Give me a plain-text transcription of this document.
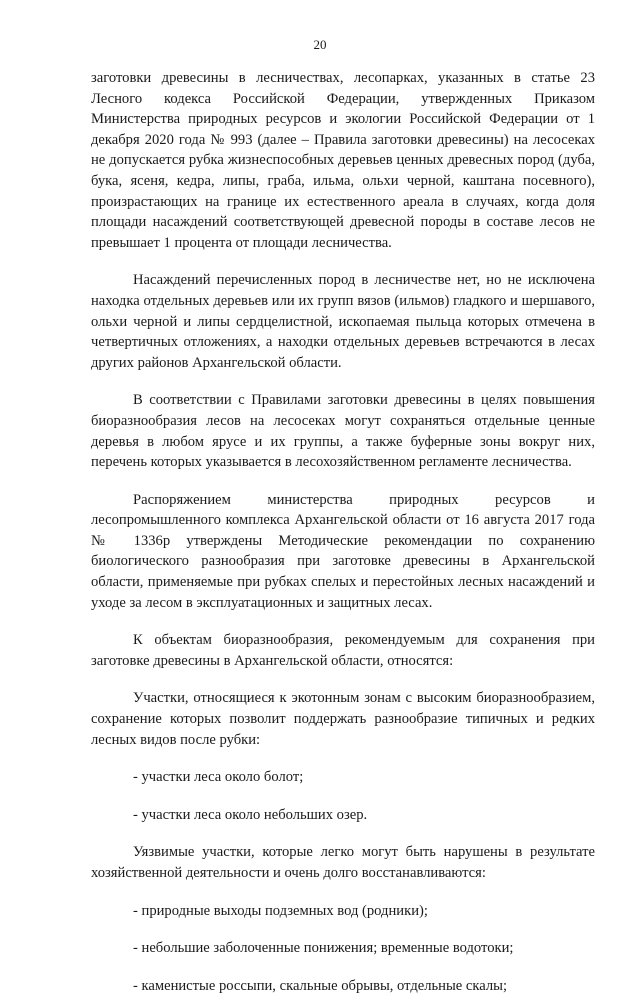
20

заготовки древесины в лесничествах, лесопарках, указанных в статье 23 Лесного кодекса Российской Федерации, утвержденных Приказом Министерства природных ресурсов и экологии Российской Федерации от 1 декабря 2020 года № 993 (далее – Правила заготовки древесины) на лесосеках не допускается рубка жизнеспособных деревьев ценных древесных пород (дуба, бука, ясеня, кедра, липы, граба, ильма, ольхи черной, каштана посевного), произрастающих на границе их естественного ареала в случаях, когда доля площади насаждений соответствующей древесной породы в составе лесов не превышает 1 процента от площади лесничества.

Насаждений перечисленных пород в лесничестве нет, но не исключена находка отдельных деревьев или их групп вязов (ильмов) гладкого и шершавого, ольхи черной и липы сердцелистной, ископаемая пыльца которых отмечена в четвертичных отложениях, а находки отдельных деревьев встречаются в лесах других районов Архангельской области.

В соответствии с Правилами заготовки древесины в целях повышения биоразнообразия лесов на лесосеках могут сохраняться отдельные ценные деревья в любом ярусе и их группы, а также буферные зоны вокруг них, перечень которых указывается в лесохозяйственном регламенте лесничества.

Распоряжением министерства природных ресурсов и лесопромышленного комплекса Архангельской области от 16 августа 2017 года № 1336р утверждены Методические рекомендации по сохранению биологического разнообразия при заготовке древесины в Архангельской области, применяемые при рубках спелых и перестойных лесных насаждений и уходе за лесом в эксплуатационных и защитных лесах.

К объектам биоразнообразия, рекомендуемым для сохранения при заготовке древесины в Архангельской области, относятся:

Участки, относящиеся к экотонным зонам с высоким биоразнообразием, сохранение которых позволит поддержать разнообразие типичных и редких лесных видов после рубки:

- участки леса около болот;

- участки леса около небольших озер.

Уязвимые участки, которые легко могут быть нарушены в результате хозяйственной деятельности и очень долго восстанавливаются:

- природные выходы подземных вод (родники);

- небольшие заболоченные понижения; временные водотоки;

- каменистые россыпи, скальные обрывы, отдельные скалы;
